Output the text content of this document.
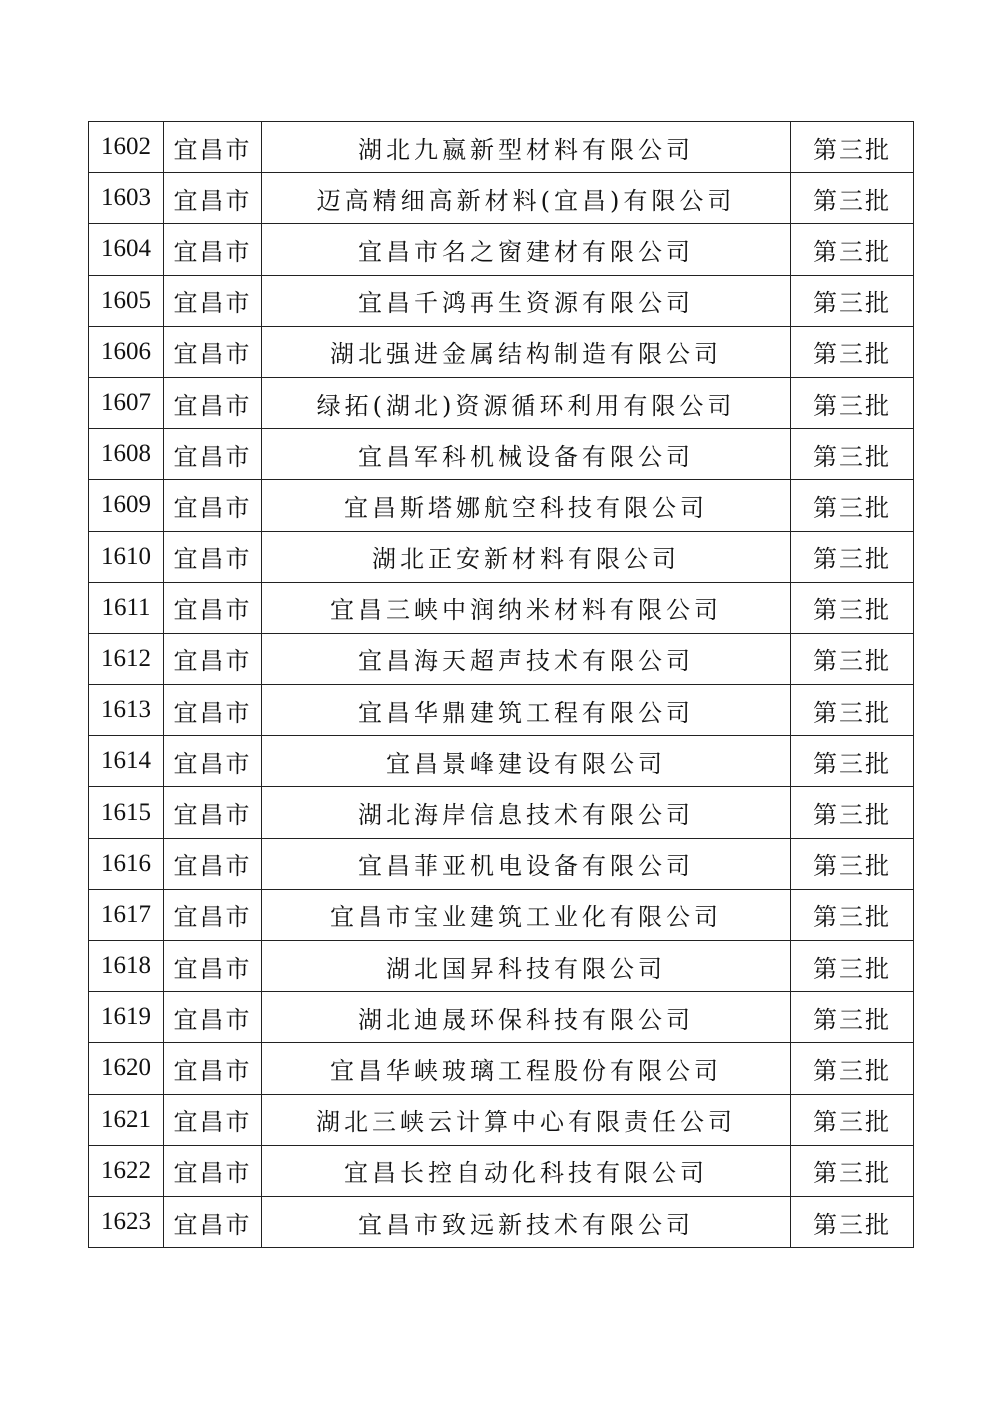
1602	宜昌市	湖北九嬴新型材料有限公司	第三批
1603	宜昌市	迈高精细高新材料(宜昌)有限公司	第三批
1604	宜昌市	宜昌市名之窗建材有限公司	第三批
1605	宜昌市	宜昌千鸿再生资源有限公司	第三批
1606	宜昌市	湖北强进金属结构制造有限公司	第三批
1607	宜昌市	绿拓(湖北)资源循环利用有限公司	第三批
1608	宜昌市	宜昌军科机械设备有限公司	第三批
1609	宜昌市	宜昌斯塔娜航空科技有限公司	第三批
1610	宜昌市	湖北正安新材料有限公司	第三批
1611	宜昌市	宜昌三峡中润纳米材料有限公司	第三批
1612	宜昌市	宜昌海天超声技术有限公司	第三批
1613	宜昌市	宜昌华鼎建筑工程有限公司	第三批
1614	宜昌市	宜昌景峰建设有限公司	第三批
1615	宜昌市	湖北海岸信息技术有限公司	第三批
1616	宜昌市	宜昌菲亚机电设备有限公司	第三批
1617	宜昌市	宜昌市宝业建筑工业化有限公司	第三批
1618	宜昌市	湖北国昇科技有限公司	第三批
1619	宜昌市	湖北迪晟环保科技有限公司	第三批
1620	宜昌市	宜昌华峡玻璃工程股份有限公司	第三批
1621	宜昌市	湖北三峡云计算中心有限责任公司	第三批
1622	宜昌市	宜昌长控自动化科技有限公司	第三批
1623	宜昌市	宜昌市致远新技术有限公司	第三批
